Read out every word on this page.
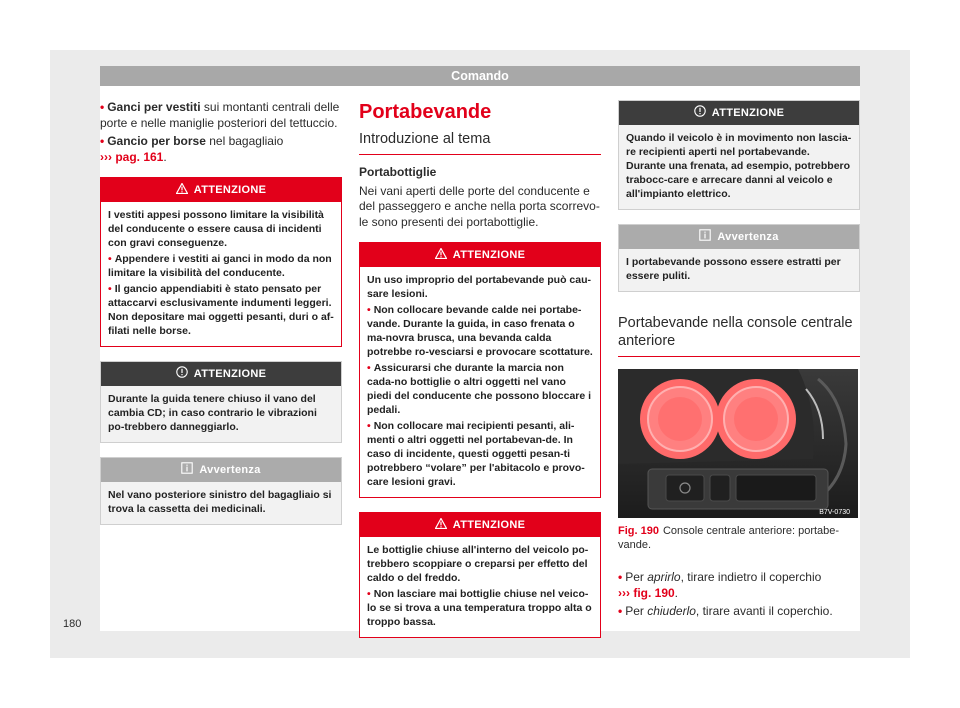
Comando

• Ganci per vestiti sui montanti centrali delle porte e nelle maniglie posteriori del tettuccio.

• Gancio per borse nel bagagliaio
››› pag. 161.

ATTENZIONE
I vestiti appesi possono limitare la visibilità del conducente o essere causa di incidenti con gravi conseguenze.
• Appendere i vestiti ai ganci in modo da non limitare la visibilità del conducente.
• Il gancio appendiabiti è stato pensato per attaccarvi esclusivamente indumenti leggeri. Non depositare mai oggetti pesanti, duri o af-filati nelle borse.
ATTENZIONE
Durante la guida tenere chiuso il vano del cambia CD; in caso contrario le vibrazioni po-trebbero danneggiarlo.
Avvertenza
Nel vano posteriore sinistro del bagagliaio si trova la cassetta dei medicinali.
Portabevande
Introduzione al tema

Portabottiglie

Nei vani aperti delle porte del conducente e del passeggero e anche nella porta scorrevo-le sono presenti dei portabottiglie.

ATTENZIONE
Un uso improprio del portabevande può cau-sare lesioni.
• Non collocare bevande calde nei portabe-vande. Durante la guida, in caso frenata o ma-novra brusca, una bevanda calda potrebbe ro-vesciarsi e provocare scottature.
• Assicurarsi che durante la marcia non cada-no bottiglie o altri oggetti nel vano piedi del conducente che possono bloccare i pedali.
• Non collocare mai recipienti pesanti, ali-menti o altri oggetti nel portabevan-de. In caso di incidente, questi oggetti pesan-ti potrebbero “volare” per l'abitacolo e provo-care lesioni gravi.
ATTENZIONE
Le bottiglie chiuse all'interno del veicolo po-trebbero scoppiare o creparsi per effetto del caldo o del freddo.
• Non lasciare mai bottiglie chiuse nel veico-lo se si trova a una temperatura troppo alta o troppo bassa.
ATTENZIONE
Quando il veicolo è in movimento non lascia-re recipienti aperti nel portabevande. Durante una frenata, ad esempio, potrebbero trabocc-care e arrecare danni al veicolo e all'impianto elettrico.
Avvertenza
I portabevande possono essere estratti per essere puliti.
Portabevande nella console centrale anteriore
B7V-0730
Fig. 190 Console centrale anteriore: portabe-vande.

• Per aprirlo, tirare indietro il coperchio
››› fig. 190.

• Per chiuderlo, tirare avanti il coperchio.

180
